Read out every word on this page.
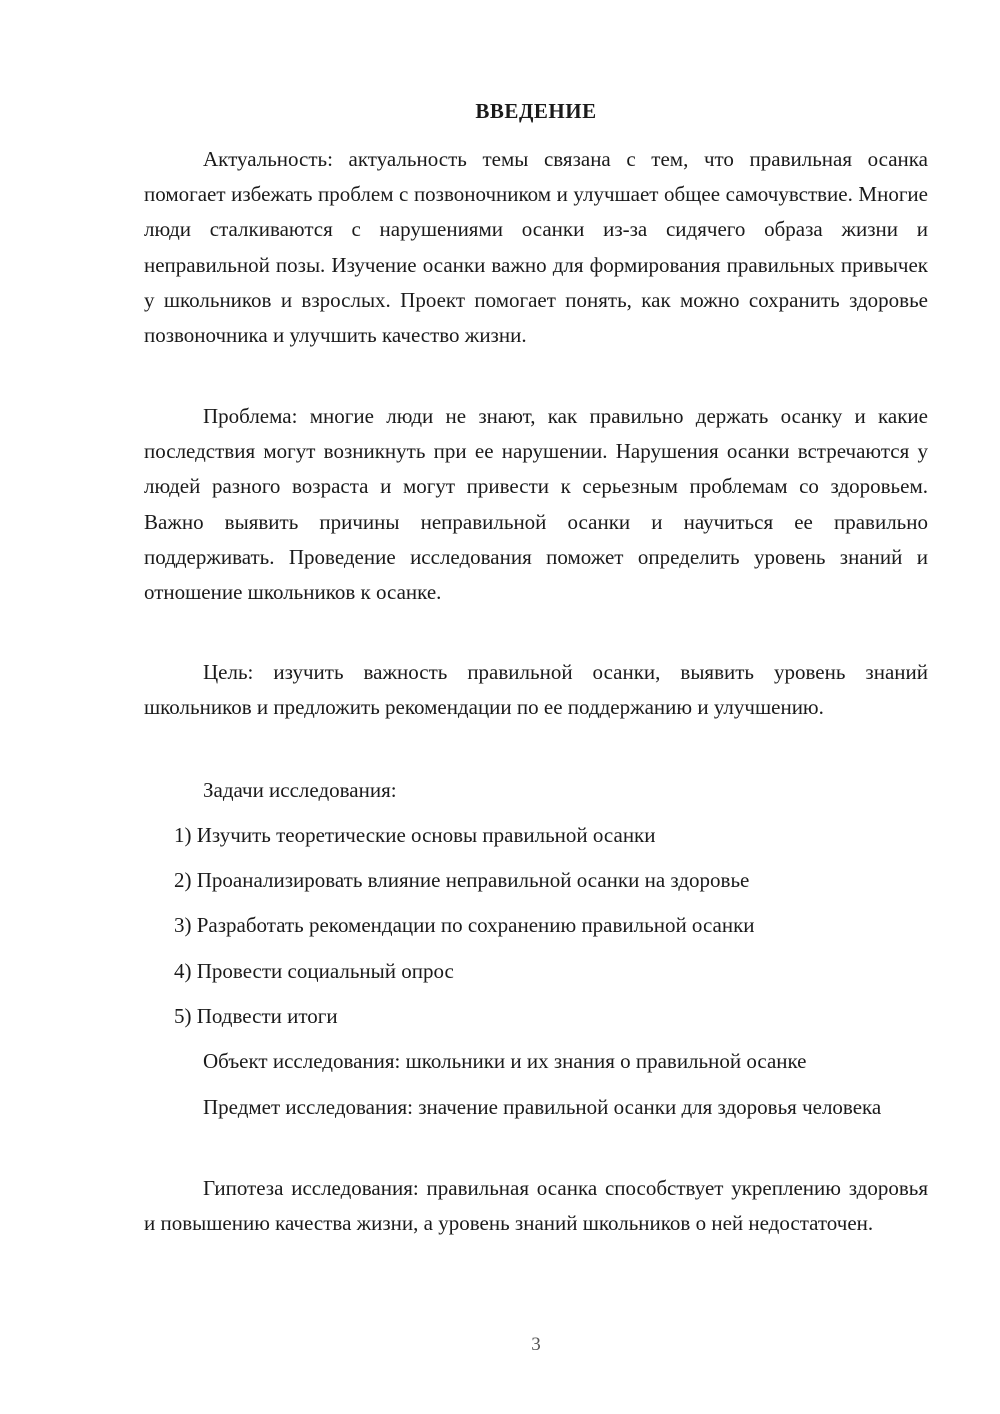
ВВЕДЕНИЕ

Актуальность: актуальность темы связана с тем, что правильная осанка помогает избежать проблем с позвоночником и улучшает общее самочувствие. Многие люди сталкиваются с нарушениями осанки из-за сидячего образа жизни и неправильной позы. Изучение осанки важно для формирования правильных привычек у школьников и взрослых. Проект помогает понять, как можно сохранить здоровье позвоночника и улучшить качество жизни.

Проблема: многие люди не знают, как правильно держать осанку и какие последствия могут возникнуть при ее нарушении. Нарушения осанки встречаются у людей разного возраста и могут привести к серьезным проблемам со здоровьем. Важно выявить причины неправильной осанки и научиться ее правильно поддерживать. Проведение исследования поможет определить уровень знаний и отношение школьников к осанке.

Цель: изучить важность правильной осанки, выявить уровень знаний школьников и предложить рекомендации по ее поддержанию и улучшению.

Задачи исследования:

1) Изучить теоретические основы правильной осанки

2) Проанализировать влияние неправильной осанки на здоровье

3) Разработать рекомендации по сохранению правильной осанки

4) Провести социальный опрос

5) Подвести итоги

Объект исследования: школьники и их знания о правильной осанке

Предмет исследования: значение правильной осанки для здоровья человека

Гипотеза исследования: правильная осанка способствует укреплению здоровья и повышению качества жизни, а уровень знаний школьников о ней недостаточен.

3
